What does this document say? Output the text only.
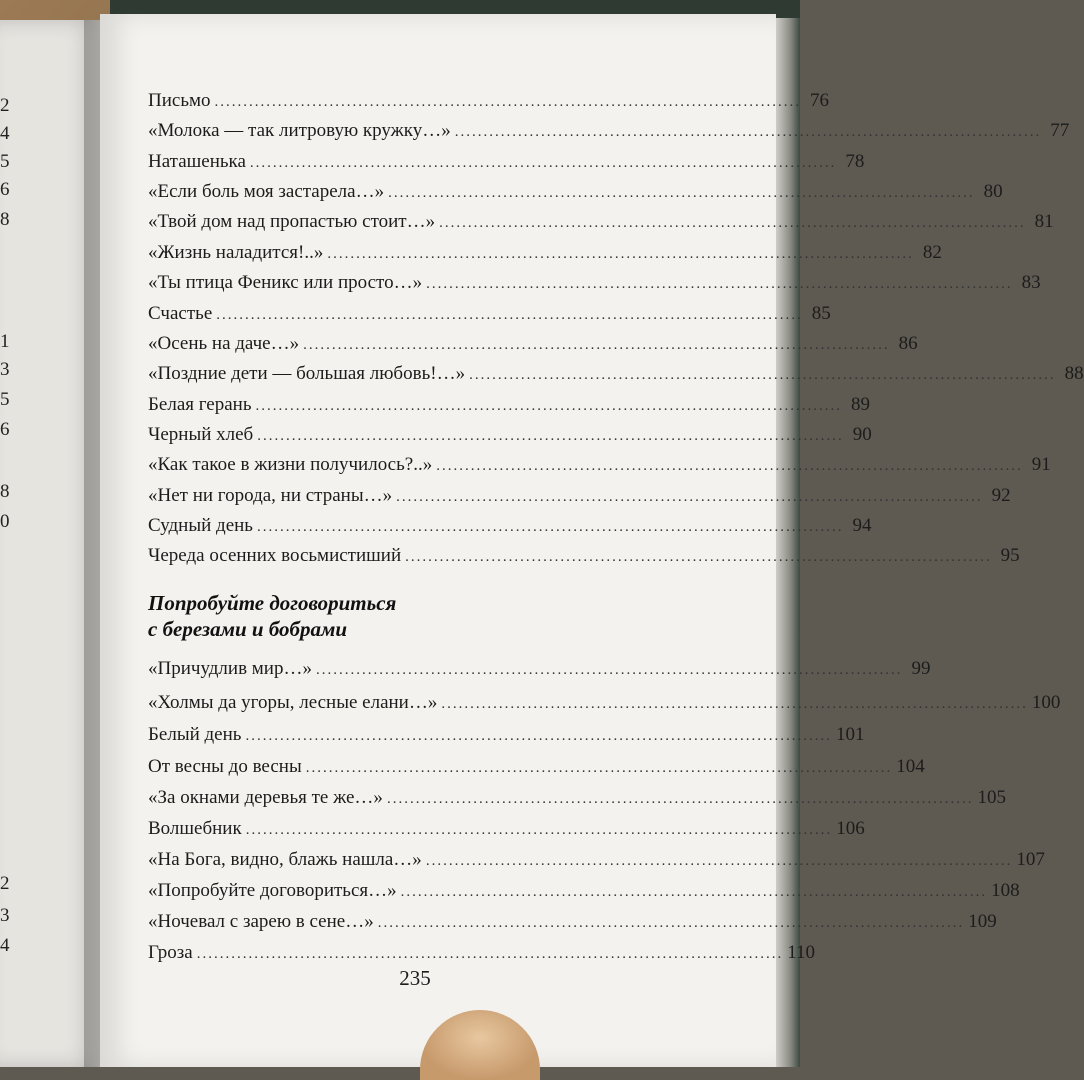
2
4
5
6
8
1
3
5
6
8
0
2
3
4
Письмо ...................................................................................................... 76
«Молока — так литровую кружку…» ...................................................................................................... 77
Наташенька ...................................................................................................... 78
«Если боль моя застарела…» ...................................................................................................... 80
«Твой дом над пропастью стоит…» ...................................................................................................... 81
«Жизнь наладится!..» ...................................................................................................... 82
«Ты птица Феникс или просто…» ...................................................................................................... 83
Счастье ...................................................................................................... 85
«Осень на даче…» ...................................................................................................... 86
«Поздние дети — большая любовь!…» ...................................................................................................... 88
Белая герань ...................................................................................................... 89
Черный хлеб ...................................................................................................... 90
«Как такое в жизни получилось?..» ...................................................................................................... 91
«Нет ни города, ни страны…» ...................................................................................................... 92
Судный день ...................................................................................................... 94
Череда осенних восьмистиший ...................................................................................................... 95
Попробуйте договориться
с березами и бобрами
«Причудлив мир…» ...................................................................................................... 99
«Холмы да угоры, лесные елани…» ...................................................................................................... 100
Белый день ...................................................................................................... 101
От весны до весны ...................................................................................................... 104
«За окнами деревья те же…» ...................................................................................................... 105
Волшебник ...................................................................................................... 106
«На Бога, видно, блажь нашла…» ...................................................................................................... 107
«Попробуйте договориться…» ...................................................................................................... 108
«Ночевал с зарею в сене…» ...................................................................................................... 109
Гроза ...................................................................................................... 110
235
